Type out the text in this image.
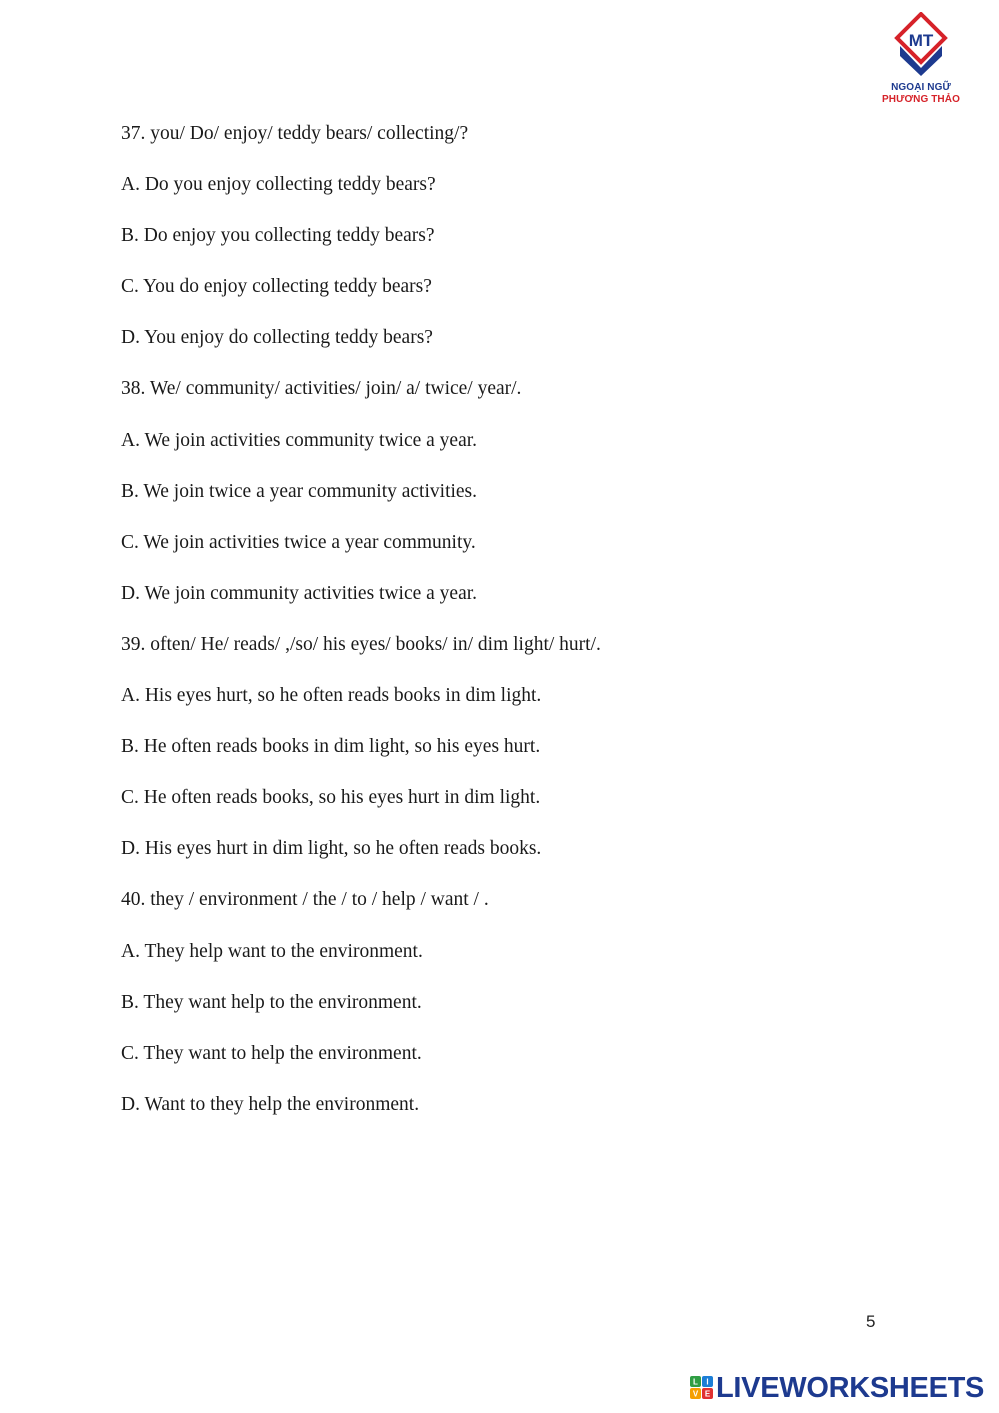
MT
NGOẠI NGỮ
PHƯƠNG THẢO
37. you/ Do/ enjoy/ teddy bears/ collecting/?
A. Do you enjoy collecting teddy bears?
B. Do enjoy you collecting teddy bears?
C. You do enjoy collecting teddy bears?
D. You enjoy do collecting teddy bears?
38. We/ community/ activities/ join/ a/ twice/ year/.
A. We join activities community twice a year.
B. We join twice a year community activities.
C. We join activities twice a year community.
D. We join community activities twice a year.
39. often/ He/ reads/ ,/so/ his eyes/ books/ in/ dim light/ hurt/.
A. His eyes hurt, so he often reads books in dim light.
B. He often reads books in dim light, so his eyes hurt.
C. He often reads books, so his eyes hurt in dim light.
D. His eyes hurt in dim light, so he often reads books.
40. they / environment / the / to / help / want / .
A. They help want to the environment.
B. They want help to the environment.
C. They want to help the environment.
D. Want to they help the environment.
5
L I
V E LIVEWORKSHEETS
